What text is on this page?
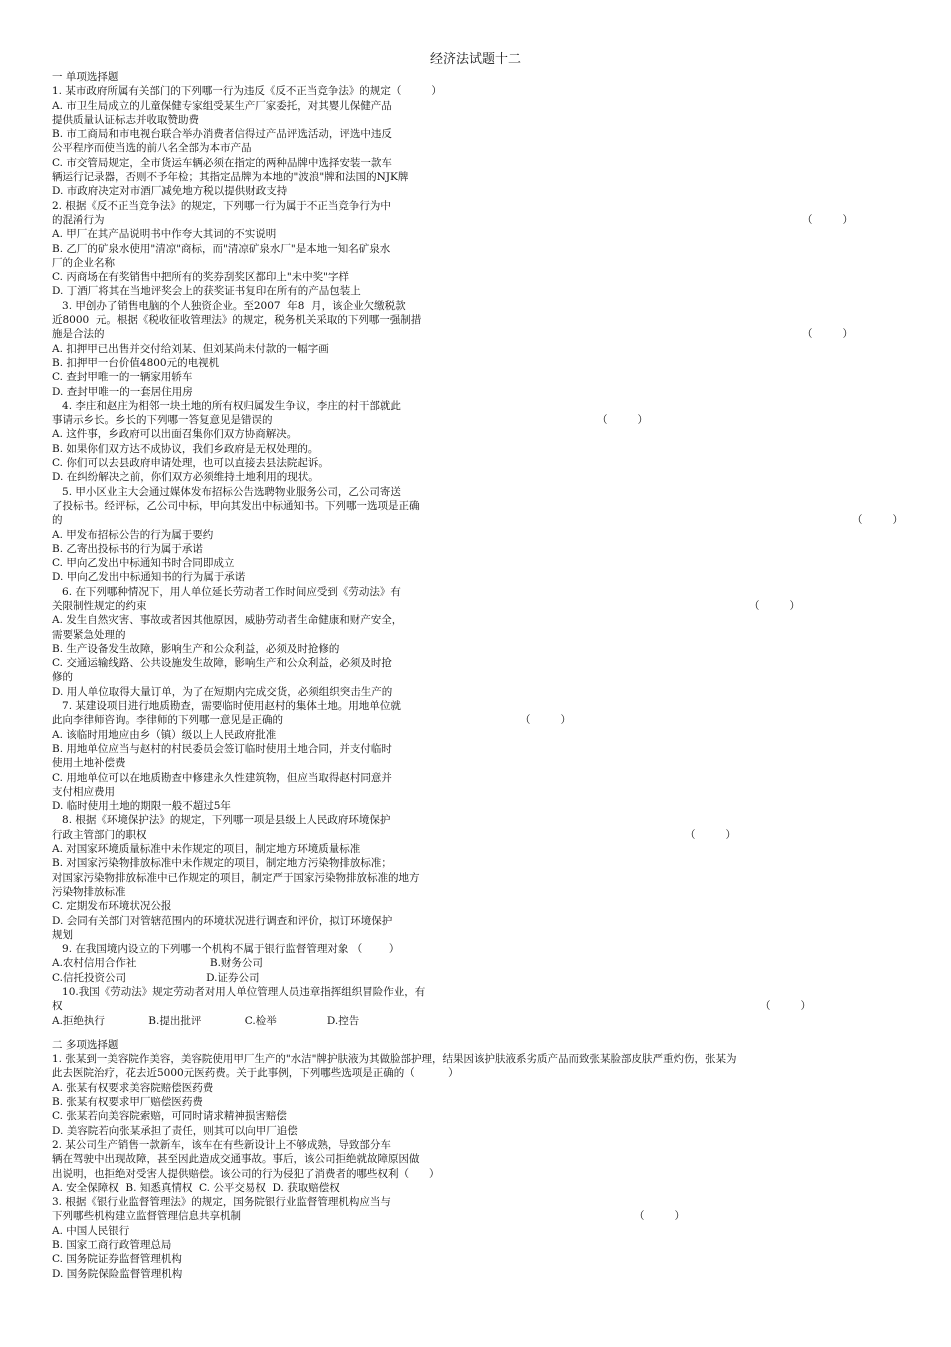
经济法试题十二
一 单项选择题
1. 某市政府所属有关部门的下列哪一行为违反《反不正当竞争法》的规定（         ）
A. 市卫生局成立的儿童保健专家组受某生产厂家委托，对其婴儿保健产品
提供质量认证标志并收取赞助费
B. 市工商局和市电视台联合举办消费者信得过产品评选活动，评选中违反
公平程序而使当选的前八名全部为本市产品
C. 市交管局规定，全市货运车辆必须在指定的两种品牌中选择安装一款车
辆运行记录器，否则不予年检；其指定品牌为本地的"波浪"牌和法国的NJK牌
D. 市政府决定对市酒厂减免地方税以提供财政支持
2. 根据《反不正当竞争法》的规定，下列哪一行为属于不正当竞争行为中
的混淆行为	（         ）
A. 甲厂在其产品说明书中作夸大其词的不实说明
B. 乙厂的矿泉水使用"清凉"商标，而"清凉矿泉水厂"是本地一知名矿泉水
厂的企业名称
C. 丙商场在有奖销售中把所有的奖券刮奖区都印上"未中奖"字样
D. 丁酒厂将其在当地评奖会上的获奖证书复印在所有的产品包装上
3. 甲创办了销售电脑的个人独资企业。至2007  年8  月，该企业欠缴税款
近8000  元。根据《税收征收管理法》的规定，税务机关采取的下列哪一强制措
施是合法的	（         ）
A. 扣押甲已出售并交付给刘某、但刘某尚未付款的一幅字画
B. 扣押甲一台价值4800元的电视机
C. 查封甲唯一的一辆家用轿车
D. 查封甲唯一的一套居住用房
4. 李庄和赵庄为相邻一块土地的所有权归属发生争议，李庄的村干部就此
事请示乡长。乡长的下列哪一答复意见是错误的	（         ）
A. 这件事，乡政府可以出面召集你们双方协商解决。
B. 如果你们双方达不成协议，我们乡政府是无权处理的。
C. 你们可以去县政府申请处理，也可以直接去县法院起诉。
D. 在纠纷解决之前，你们双方必须维持土地利用的现状。
5. 甲小区业主大会通过媒体发布招标公告选聘物业服务公司，乙公司寄送
了投标书。经评标，乙公司中标，甲向其发出中标通知书。下列哪一选项是正确
的	（         ）
A. 甲发布招标公告的行为属于要约
B. 乙寄出投标书的行为属于承诺
C. 甲向乙发出中标通知书时合同即成立
D. 甲向乙发出中标通知书的行为属于承诺
6. 在下列哪种情况下，用人单位延长劳动者工作时间应受到《劳动法》有
关限制性规定的约束	（         ）
A. 发生自然灾害、事故或者因其他原因，威胁劳动者生命健康和财产安全，
需要紧急处理的
B. 生产设备发生故障，影响生产和公众利益，必须及时抢修的
C. 交通运输线路、公共设施发生故障，影响生产和公众利益，必须及时抢
修的
D. 用人单位取得大量订单，为了在短期内完成交货，必须组织突击生产的
7. 某建设项目进行地质勘查，需要临时使用赵村的集体土地。用地单位就
此向李律师咨询。李律师的下列哪一意见是正确的	（         ）
A. 该临时用地应由乡（镇）级以上人民政府批准
B. 用地单位应当与赵村的村民委员会签订临时使用土地合同，并支付临时
使用土地补偿费
C. 用地单位可以在地质勘查中修建永久性建筑物，但应当取得赵村同意并
支付相应费用
D. 临时使用土地的期限一般不超过5年
8. 根据《环境保护法》的规定，下列哪一项是县级上人民政府环境保护
行政主管部门的职权	（         ）
A. 对国家环境质量标准中未作规定的项目，制定地方环境质量标准
B. 对国家污染物排放标准中未作规定的项目，制定地方污染物排放标准；
对国家污染物排放标准中已作规定的项目，制定严于国家污染物排放标准的地方
污染物排放标准
C. 定期发布环境状况公报
D. 会同有关部门对管辖范围内的环境状况进行调查和评价，拟订环境保护
规划
9. 在我国境内设立的下列哪一个机构不属于银行监督管理对象 （        ）
A.农村信用合作社                      B.财务公司
C.信托投资公司                        D.证券公司
10.我国《劳动法》规定劳动者对用人单位管理人员违章指挥组织冒险作业，有
权	（         ）
A.拒绝执行             B.提出批评             C.检举               D.控告
二 多项选择题
1. 张某到一美容院作美容，美容院使用甲厂生产的"水洁"牌护肤液为其做脸部护理，结果因该护肤液系劣质产品而致张某脸部皮肤严重灼伤，张某为
此去医院治疗，花去近5000元医药费。关于此事例，下列哪些选项是正确的（          ）
A. 张某有权要求美容院赔偿医药费
B. 张某有权要求甲厂赔偿医药费
C. 张某若向美容院索赔，可同时请求精神损害赔偿
D. 美容院若向张某承担了责任，则其可以向甲厂追偿
2. 某公司生产销售一款新车，该车在有些新设计上不够成熟，导致部分车
辆在驾驶中出现故障，甚至因此造成交通事故。事后，该公司拒绝就故障原因做
出说明，也拒绝对受害人提供赔偿。该公司的行为侵犯了消费者的哪些权利（      ）
A. 安全保障权  B. 知悉真情权  C. 公平交易权  D. 获取赔偿权
3. 根据《银行业监督管理法》的规定，国务院银行业监督管理机构应当与
下列哪些机构建立监督管理信息共享机制	（         ）
A. 中国人民银行
B. 国家工商行政管理总局
C. 国务院证券监督管理机构
D. 国务院保险监督管理机构
